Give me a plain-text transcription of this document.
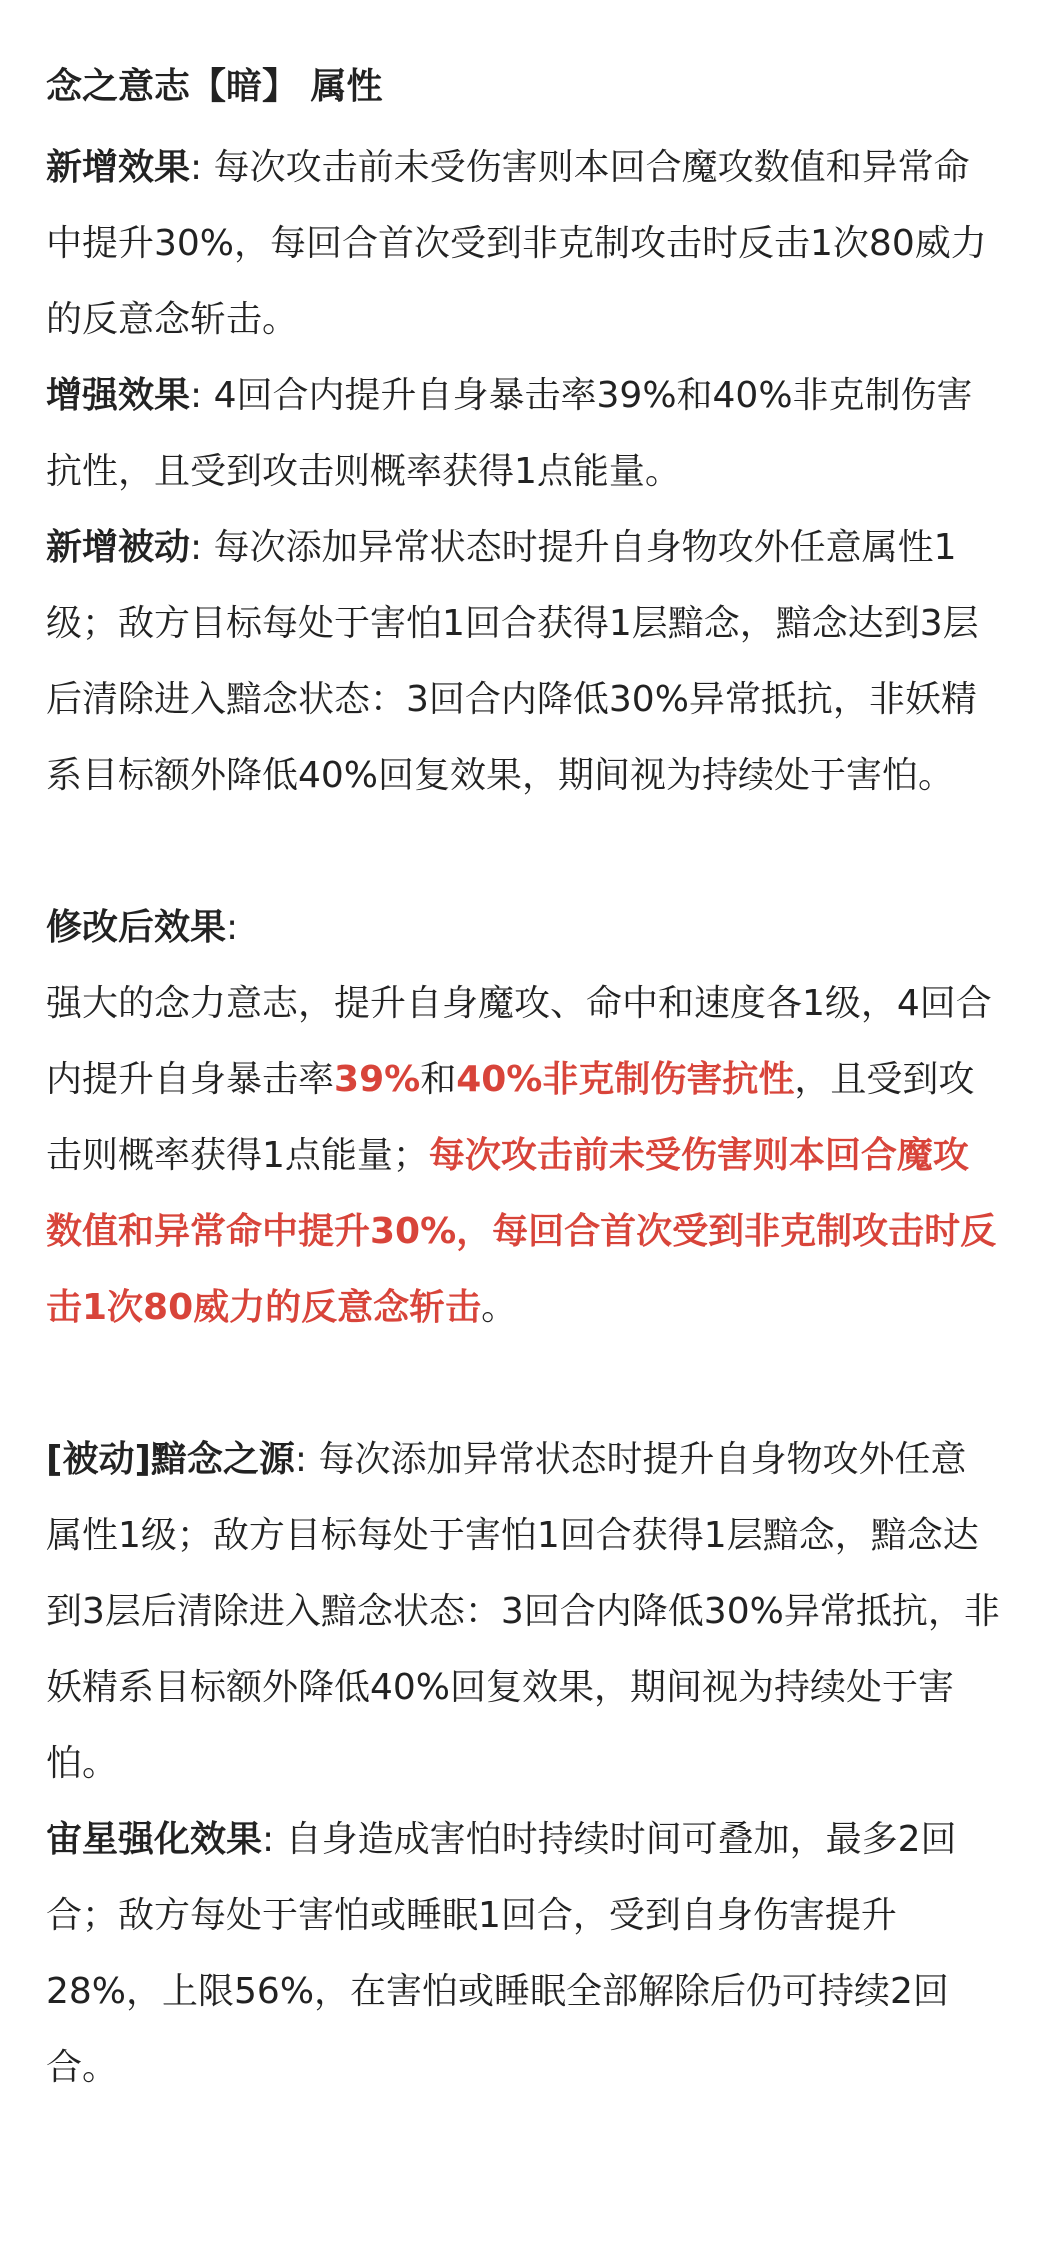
念之意志【暗】 属性

新增效果: 每次攻击前未受伤害则本回合魔攻数值和异常命中提升30%，每回合首次受到非克制攻击时反击1次80威力的反意念斩击。

增强效果: 4回合内提升自身暴击率39%和40%非克制伤害抗性，且受到攻击则概率获得1点能量。

新增被动: 每次添加异常状态时提升自身物攻外任意属性1级；敌方目标每处于害怕1回合获得1层黯念，黯念达到3层后清除进入黯念状态：3回合内降低30%异常抵抗，非妖精系目标额外降低40%回复效果，期间视为持续处于害怕。

修改后效果:

强大的念力意志，提升自身魔攻、命中和速度各1级，4回合内提升自身暴击率39%和40%非克制伤害抗性，且受到攻击则概率获得1点能量；每次攻击前未受伤害则本回合魔攻数值和异常命中提升30%，每回合首次受到非克制攻击时反击1次80威力的反意念斩击。

[被动]黯念之源: 每次添加异常状态时提升自身物攻外任意属性1级；敌方目标每处于害怕1回合获得1层黯念，黯念达到3层后清除进入黯念状态：3回合内降低30%异常抵抗，非妖精系目标额外降低40%回复效果，期间视为持续处于害怕。

宙星强化效果: 自身造成害怕时持续时间可叠加，最多2回合；敌方每处于害怕或睡眠1回合，受到自身伤害提升28%，上限56%，在害怕或睡眠全部解除后仍可持续2回合。
